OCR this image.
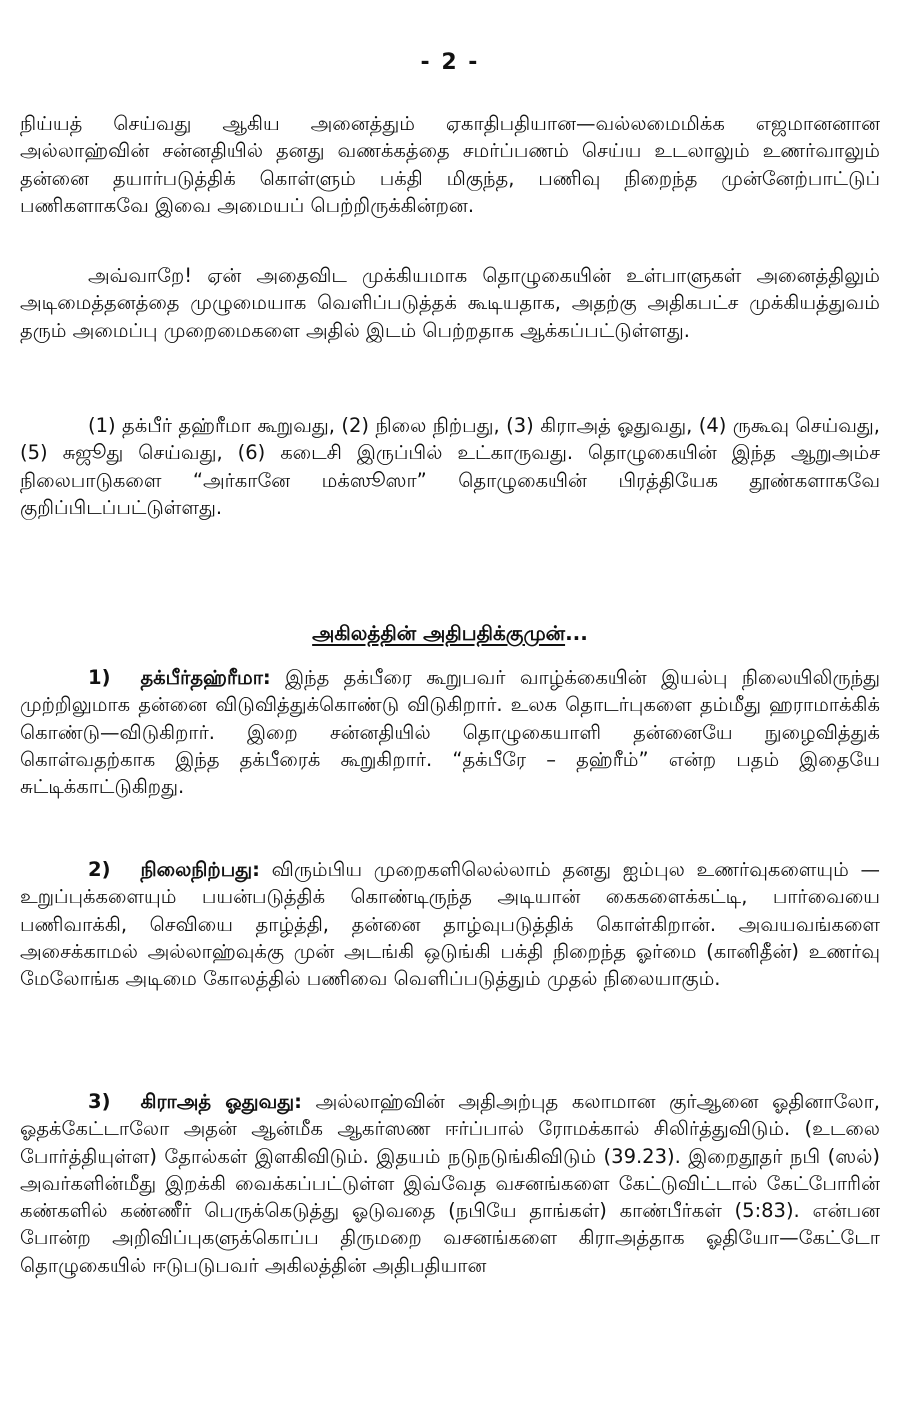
- 2 -

நிய்யத் செய்வது ஆகிய அனைத்தும் ஏகாதிபதியான—வல்லமைமிக்க எஜமானனான அல்லாஹ்வின் சன்னதியில் தனது வணக்கத்தை சமர்ப்பணம் செய்ய உடலாலும் உணர்வாலும் தன்னை தயார்படுத்திக் கொள்ளும் பக்தி மிகுந்த, பணிவு நிறைந்த முன்னேற்பாட்டுப் பணிகளாகவே இவை அமையப் பெற்றிருக்கின்றன.

அவ்வாறே! ஏன் அதைவிட முக்கியமாக தொழுகையின் உள்பாளுகள் அனைத்திலும் அடிமைத்தனத்தை முழுமையாக வெளிப்படுத்தக் கூடியதாக, அதற்கு அதிகபட்ச முக்கியத்துவம் தரும் அமைப்பு முறைமைகளை அதில் இடம் பெற்றதாக ஆக்கப்பட்டுள்ளது.

(1) தக்பீர் தஹ்ரீமா கூறுவது, (2) நிலை நிற்பது, (3) கிராஅத் ஓதுவது, (4) ருகூவு செய்வது, (5) சுஜூது செய்வது, (6) கடைசி இருப்பில் உட்காருவது. தொழுகையின் இந்த ஆறுஅம்ச நிலைபாடுகளை “அர்கானே மக்ஸூஸா” தொழுகையின் பிரத்தியேக தூண்களாகவே குறிப்பிடப்பட்டுள்ளது.

அகிலத்தின் அதிபதிக்குமுன்...

1) தக்பீர்தஹ்ரீமா: இந்த தக்பீரை கூறுபவர் வாழ்க்கையின் இயல்பு நிலையிலிருந்து முற்றிலுமாக தன்னை விடுவித்துக்கொண்டு விடுகிறார். உலக தொடர்புகளை தம்மீது ஹராமாக்கிக் கொண்டு—விடுகிறார். இறை சன்னதியில் தொழுகையாளி தன்னையே நுழைவித்துக் கொள்வதற்காக இந்த தக்பீரைக் கூறுகிறார். “தக்பீரே – தஹ்ரீம்” என்ற பதம் இதையே சுட்டிக்காட்டுகிறது.

2) நிலைநிற்பது: விரும்பிய முறைகளிலெல்லாம் தனது ஐம்புல உணர்வுகளையும் — உறுப்புக்களையும் பயன்படுத்திக் கொண்டிருந்த அடியான் கைகளைக்கட்டி, பார்வையை பணிவாக்கி, செவியை தாழ்த்தி, தன்னை தாழ்வுபடுத்திக் கொள்கிறான். அவயவங்களை அசைக்காமல் அல்லாஹ்வுக்கு முன் அடங்கி ஒடுங்கி பக்தி நிறைந்த ஓர்மை (கானிதீன்) உணர்வு மேலோங்க அடிமை கோலத்தில் பணிவை வெளிப்படுத்தும் முதல் நிலையாகும்.

3) கிராஅத் ஓதுவது: அல்லாஹ்வின் அதிஅற்புத கலாமான குர்ஆனை ஓதினாலோ, ஓதக்கேட்டாலோ அதன் ஆன்மீக ஆகர்ஸண ஈர்ப்பால் ரோமக்கால் சிலிர்த்துவிடும். (உடலை போர்த்தியுள்ள) தோல்கள் இளகிவிடும். இதயம் நடுநடுங்கிவிடும் (39.23). இறைதூதர் நபி (ஸல்) அவர்களின்மீது இறக்கி வைக்கப்பட்டுள்ள இவ்வேத வசனங்களை கேட்டுவிட்டால் கேட்போரின் கண்களில் கண்ணீர் பெருக்கெடுத்து ஓடுவதை (நபியே தாங்கள்) காண்பீர்கள் (5:83). என்பன போன்ற அறிவிப்புகளுக்கொப்ப திருமறை வசனங்களை கிராஅத்தாக ஓதியோ—கேட்டோ தொழுகையில் ஈடுபடுபவர் அகிலத்தின் அதிபதியான
